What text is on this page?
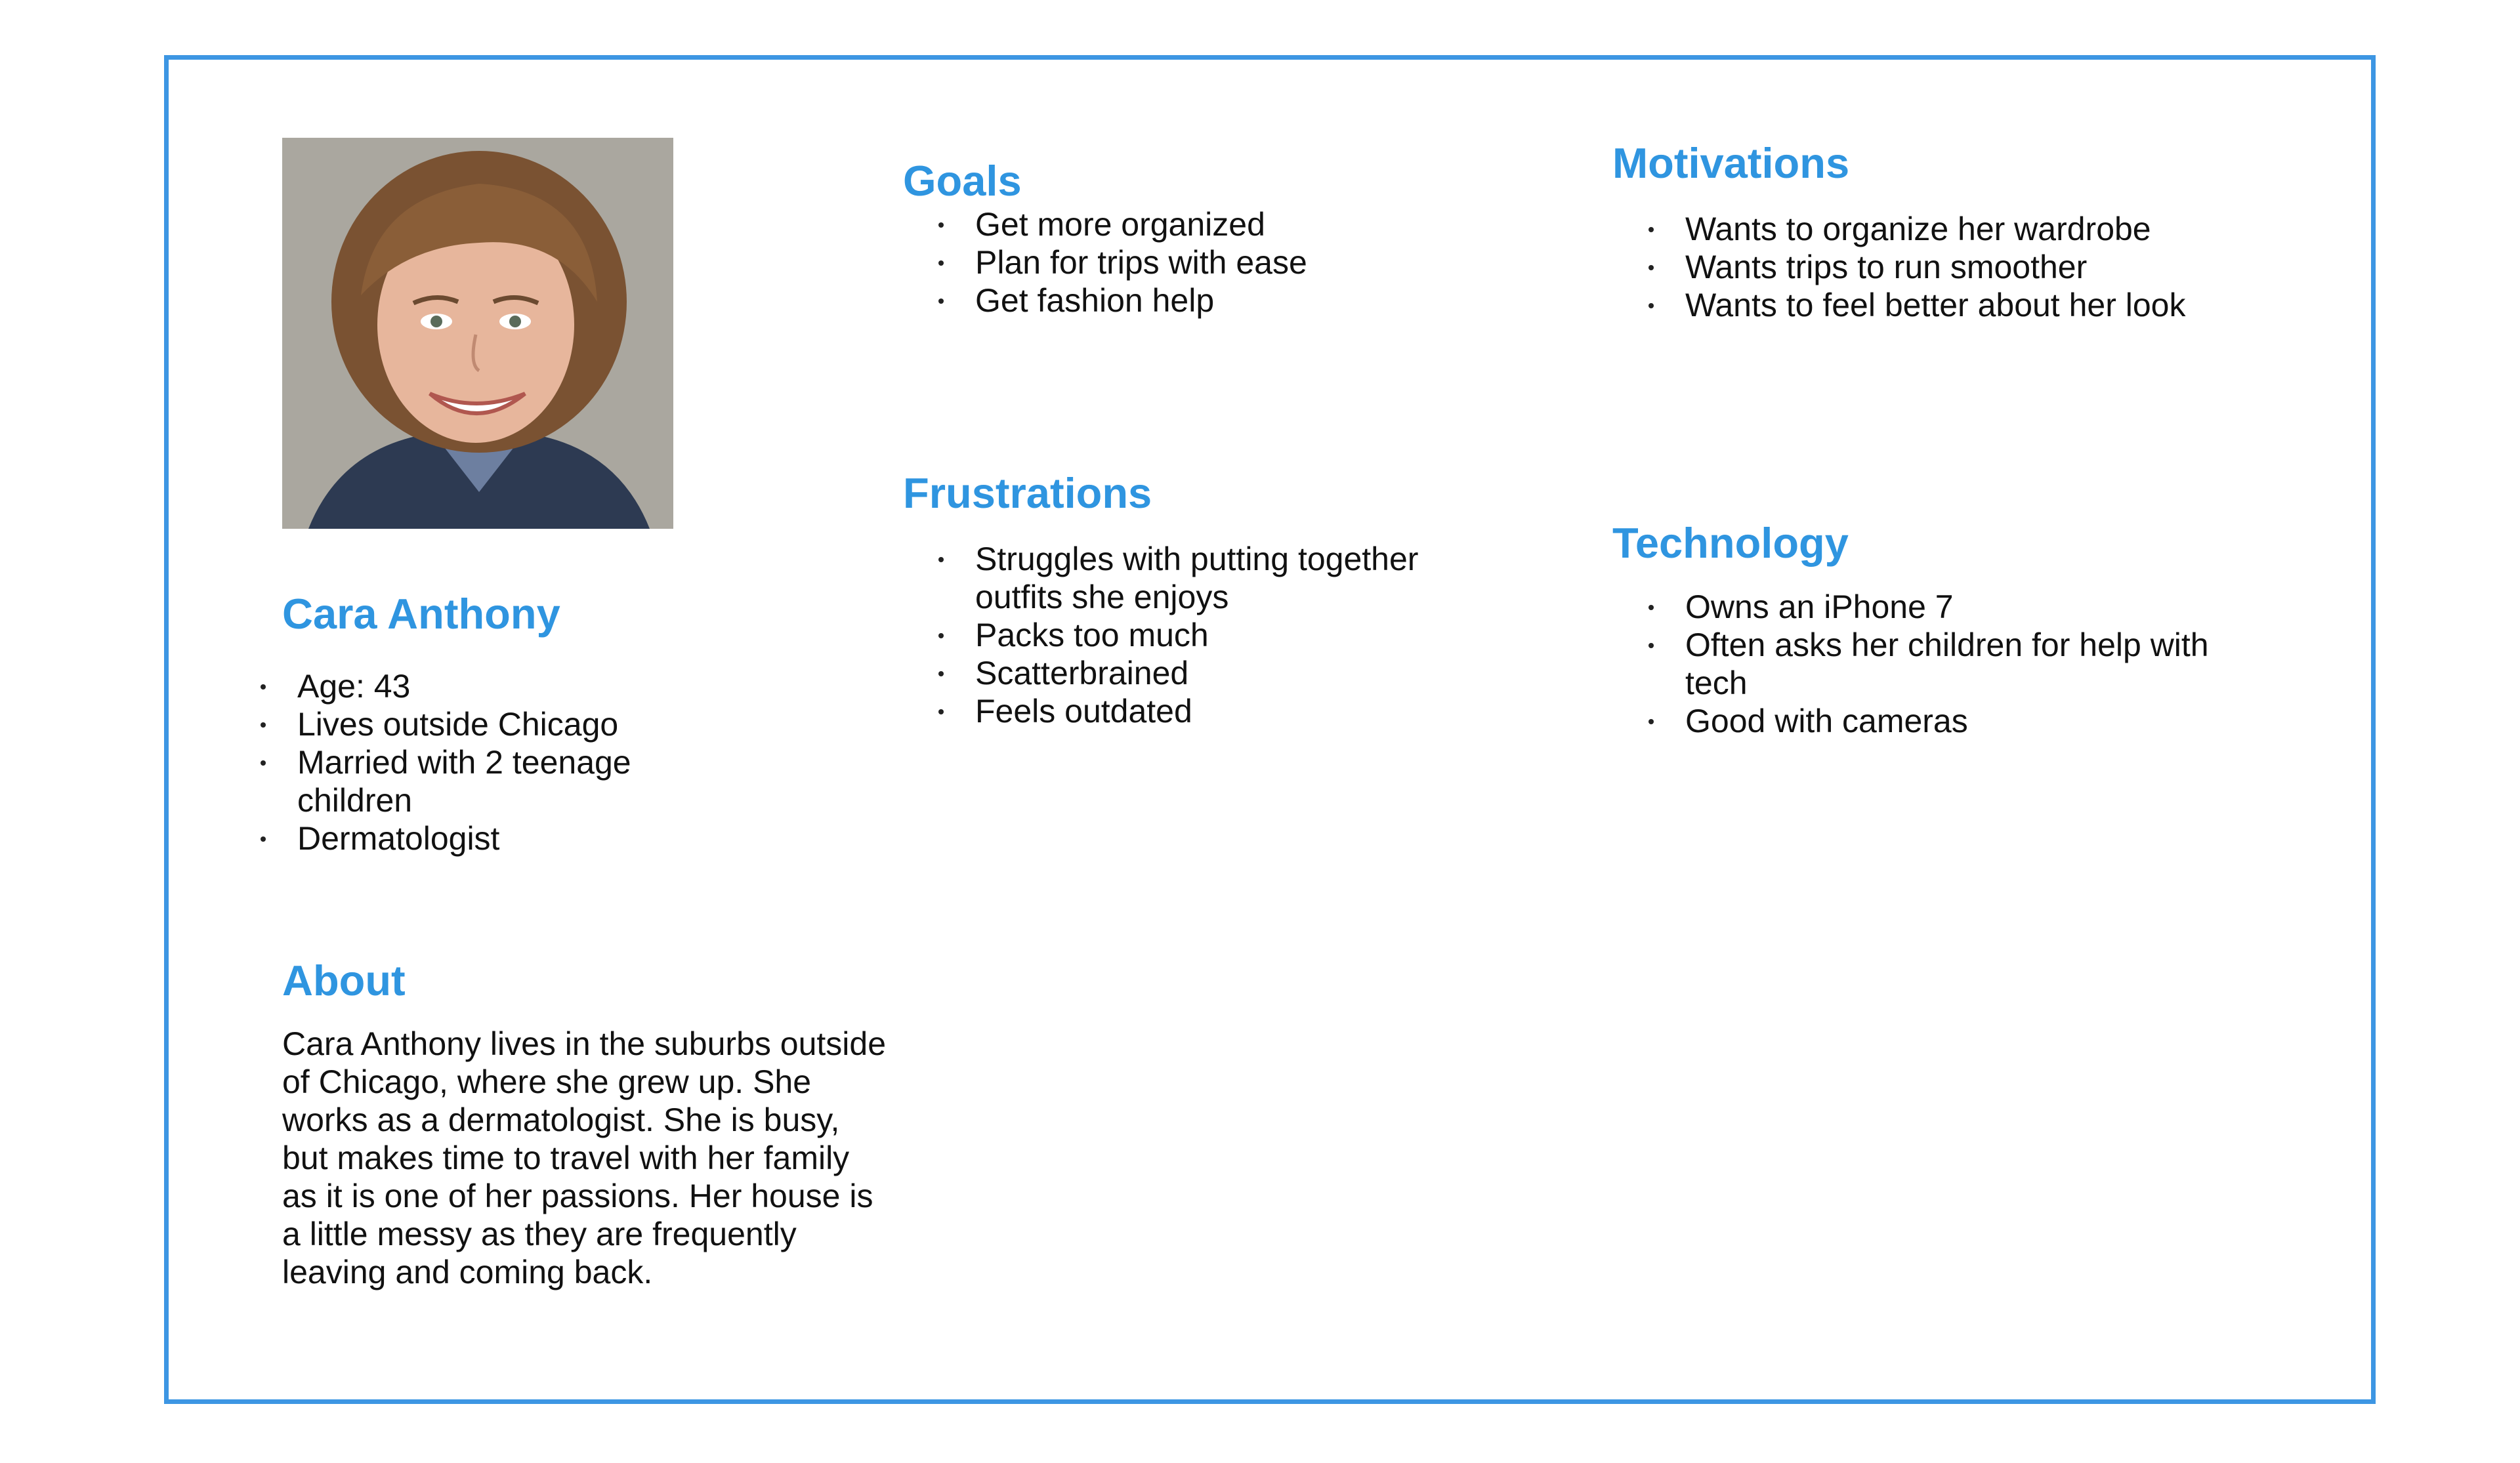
Cara Anthony
Age: 43
Lives outside Chicago
Married with 2 teenage children
Dermatologist
About

Cara Anthony lives in the suburbs outside of Chicago, where she grew up. She works as a dermatologist. She is busy, but makes time to travel with her family as it is one of her passions. Her house is a little messy as they are frequently leaving and coming back.

Goals
Get more organized
Plan for trips with ease
Get fashion help
Frustrations
Struggles with putting together outfits she enjoys
Packs too much
Scatterbrained
Feels outdated
Motivations
Wants to organize her wardrobe
Wants trips to run smoother
Wants to feel better about her look
Technology
Owns an iPhone 7
Often asks her children for help with tech
Good with cameras
